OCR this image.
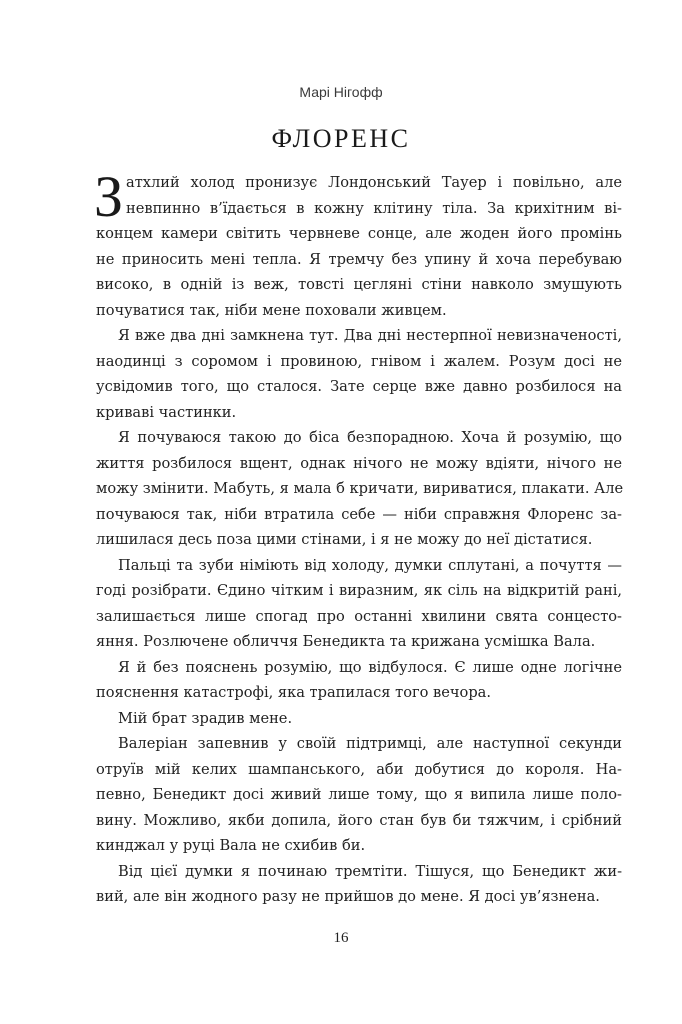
Марі Нігофф
ФЛОРЕНС
З атхлий холод пронизує Лондонський Тауер і повільно, але
невпинно в’їдається в кожну клітину тіла. За крихітним ві-
концем камери світить червневе сонце, але жоден його промінь
не приносить мені тепла. Я тремчу без упину й хоча перебуваю
високо, в одній із веж, товсті цегляні стіни навколо змушують
почуватися так, ніби мене поховали живцем.
Я вже два дні замкнена тут. Два дні нестерпної невизначеності,
наодинці з соромом і провиною, гнівом і жалем. Розум досі не
усвідомив того, що сталося. Зате серце вже давно розбилося на
криваві частинки.
Я почуваюся такою до біса безпорадною. Хоча й розумію, що
життя розбилося вщент, однак нічого не можу вдіяти, нічого не
можу змінити. Мабуть, я мала б кричати, вириватися, плакати. Але
почуваюся так, ніби втратила себе — ніби справжня Флоренс за-
лишилася десь поза цими стінами, і я не можу до неї дістатися.
Пальці та зуби німіють від холоду, думки сплутані, а почуття —
годі розібрати. Єдино чітким і виразним, як сіль на відкритій рані,
залишається лише спогад про останні хвилини свята сонцесто-
яння. Розлючене обличчя Бенедикта та крижана усмішка Вала.
Я й без пояснень розумію, що відбулося. Є лише одне логічне
пояснення катастрофі, яка трапилася того вечора.
Мій брат зрадив мене.
Валеріан запевнив у своїй підтримці, але наступної секунди
отруїв мій келих шампанського, аби добутися до короля. На-
певно, Бенедикт досі живий лише тому, що я випила лише поло-
вину. Можливо, якби допила, його стан був би тяжчим, і срібний
кинджал у руці Вала не схибив би.
Від цієї думки я починаю тремтіти. Тішуся, що Бенедикт жи-
вий, але він жодного разу не прийшов до мене. Я досі ув’язнена.
16
